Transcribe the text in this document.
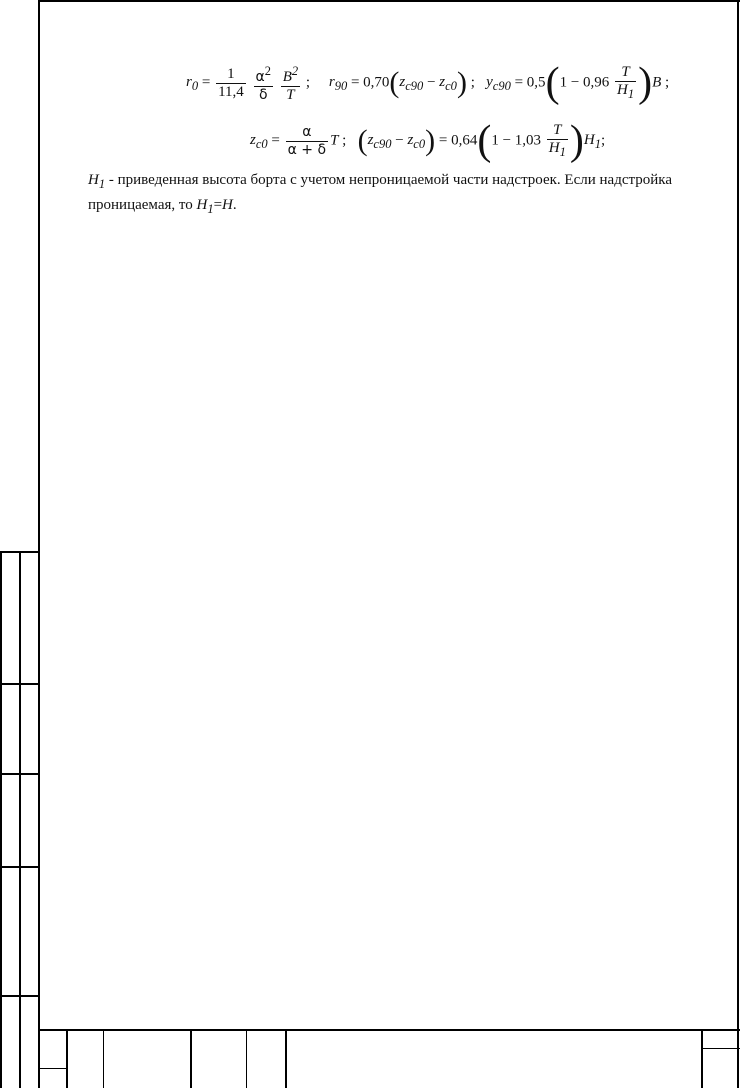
$r_0 = \frac{1}{11,4}$
$\frac{\alpha^2}{\delta}$
$\frac{B^2}{T}$ ; $r_{90} = 0,70(z_{c90} - z_{c0})$ ; $y_{c90} = 0,5(1 - 0,96 \frac{T}{H_1} )B$ ;
$z_{c0} = \frac{\alpha}{\alpha + \delta}$ T ; $(z_{c90} - z_{c0}) = 0,64(1 - 1,03 \frac{T}{H_1} )H_1$;
$H_1$ - приведенная высота борта с учетом непроницаемой части надстроек. Если надстройка проницаемая, то $H_1=H$.
